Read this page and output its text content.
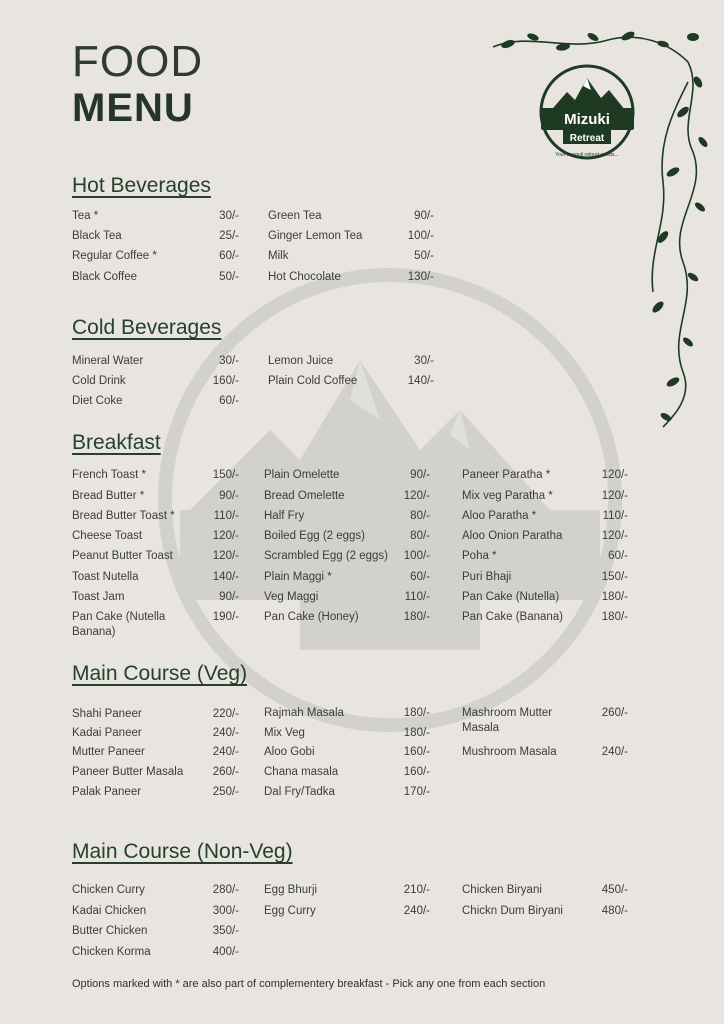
Mizuki
Retreat
Your tranquil retreat awaits...
FOOD
MENU
Hot Beverages
Tea *	30/-
Black Tea	25/-
Regular Coffee *	60/-
Black Coffee	50/-
Green Tea	90/-
Ginger Lemon Tea	100/-
Milk	50/-
Hot Chocolate	130/-
Cold Beverages
Mineral Water	30/-
Cold Drink	160/-
Diet Coke	60/-
Lemon Juice	30/-
Plain Cold Coffee	140/-
Breakfast
French Toast *	150/-
Bread Butter *	90/-
Bread Butter Toast *	110/-
Cheese Toast	120/-
Peanut Butter Toast	120/-
Toast Nutella	140/-
Toast Jam	90/-
Pan Cake (Nutella Banana)
190/-
Plain Omelette	90/-
Bread Omelette	120/-
Half Fry	80/-
Boiled Egg (2 eggs)	80/-
Scrambled Egg (2 eggs)	100/-
Plain Maggi *	60/-
Veg Maggi	110/-
Pan Cake (Honey)	180/-
Paneer Paratha *	120/-
Mix veg Paratha *	120/-
Aloo Paratha *	110/-
Aloo Onion Paratha	120/-
Poha *	60/-
Puri Bhaji	150/-
Pan Cake (Nutella)	180/-
Pan Cake (Banana)	180/-
Main Course (Veg)
Shahi Paneer	220/-
Kadai Paneer	240/-
Mutter Paneer	240/-
Paneer Butter Masala	260/-
Palak Paneer	250/-
Rajmah Masala	180/-
Mix Veg	180/-
Aloo Gobi	160/-
Chana masala	160/-
Dal Fry/Tadka	170/-
Mashroom Mutter Masala
260/-
Mushroom Masala	240/-
Main Course (Non-Veg)
Chicken Curry	280/-
Kadai Chicken	300/-
Butter Chicken	350/-
Chicken Korma	400/-
Egg Bhurji	210/-
Egg Curry	240/-
Chicken Biryani	450/-
Chickn Dum Biryani	480/-
Options marked with * are also part of complementery breakfast - Pick any one from each section
